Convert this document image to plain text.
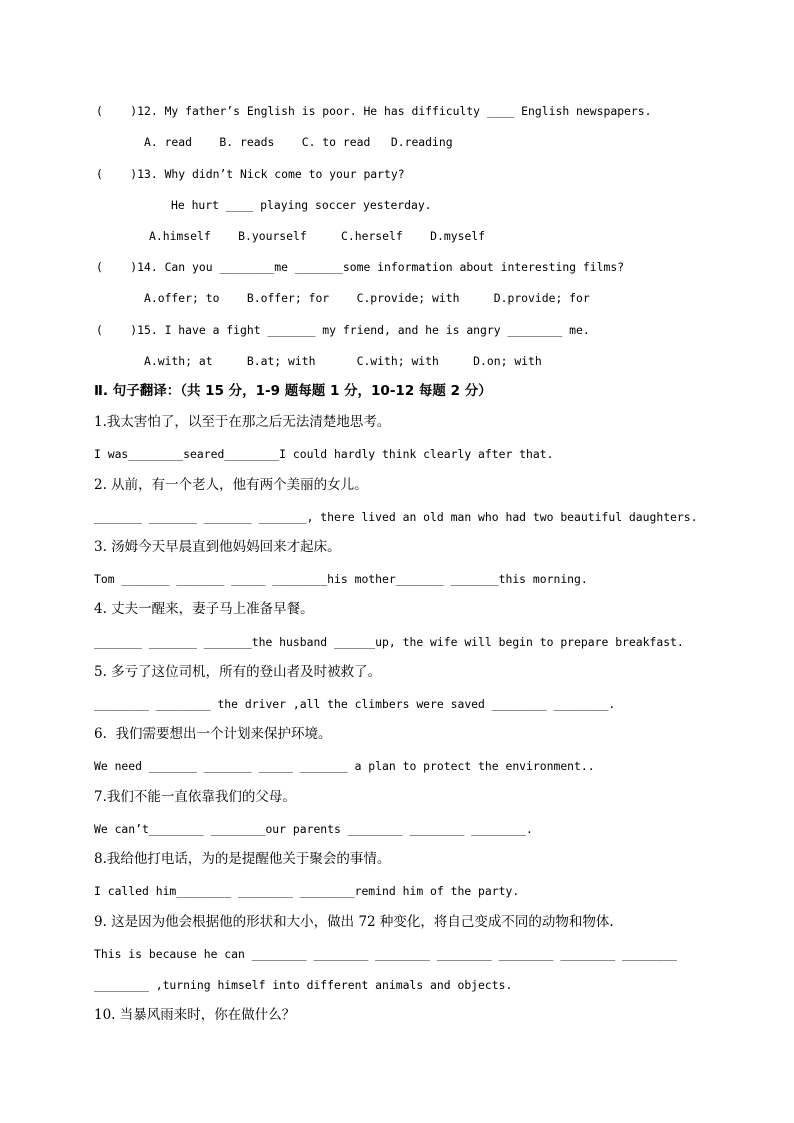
(    )12. My father’s English is poor. He has difficulty ____ English newspapers.
A. read    B. reads    C. to read   D.reading
(    )13. Why didn’t Nick come to your party?
He hurt ____ playing soccer yesterday.
A.himself    B.yourself     C.herself    D.myself
(    )14. Can you ________me _______some information about interesting films?
A.offer; to    B.offer; for    C.provide; with     D.provide; for
(    )15. I have a fight _______ my friend, and he is angry ________ me.
A.with; at     B.at; with      C.with; with     D.on; with
Ⅱ. 句子翻译：（共 15 分，1-9 题每题 1 分，10-12 每题 2 分）
1.我太害怕了，以至于在那之后无法清楚地思考。
I was________seared________I could hardly think clearly after that.
2. 从前，有一个老人，他有两个美丽的女儿。
_______ _______ _______ _______, there lived an old man who had two beautiful daughters.
3. 汤姆今天早晨直到他妈妈回来才起床。
Tom _______ _______ _____ ________his mother_______ _______this morning.
4. 丈夫一醒来，妻子马上准备早餐。
_______ _______ _______the husband ______up, the wife will begin to prepare breakfast.
5. 多亏了这位司机，所有的登山者及时被救了。
________ ________ the driver ,all the climbers were saved ________ ________.
6.  我们需要想出一个计划来保护环境。
We need _______ _______ _____ _______ a plan to protect the environment..
7.我们不能一直依靠我们的父母。
We can’t________ ________our parents ________ ________ ________.
8.我给他打电话，为的是提醒他关于聚会的事情。
I called him________ ________ ________remind him of the party.
9. 这是因为他会根据他的形状和大小，做出 72 种变化，将自己变成不同的动物和物体.
This is because he can ________ ________ ________ ________ ________ ________ ________
________ ,turning himself into different animals and objects.
10. 当暴风雨来时，你在做什么？
